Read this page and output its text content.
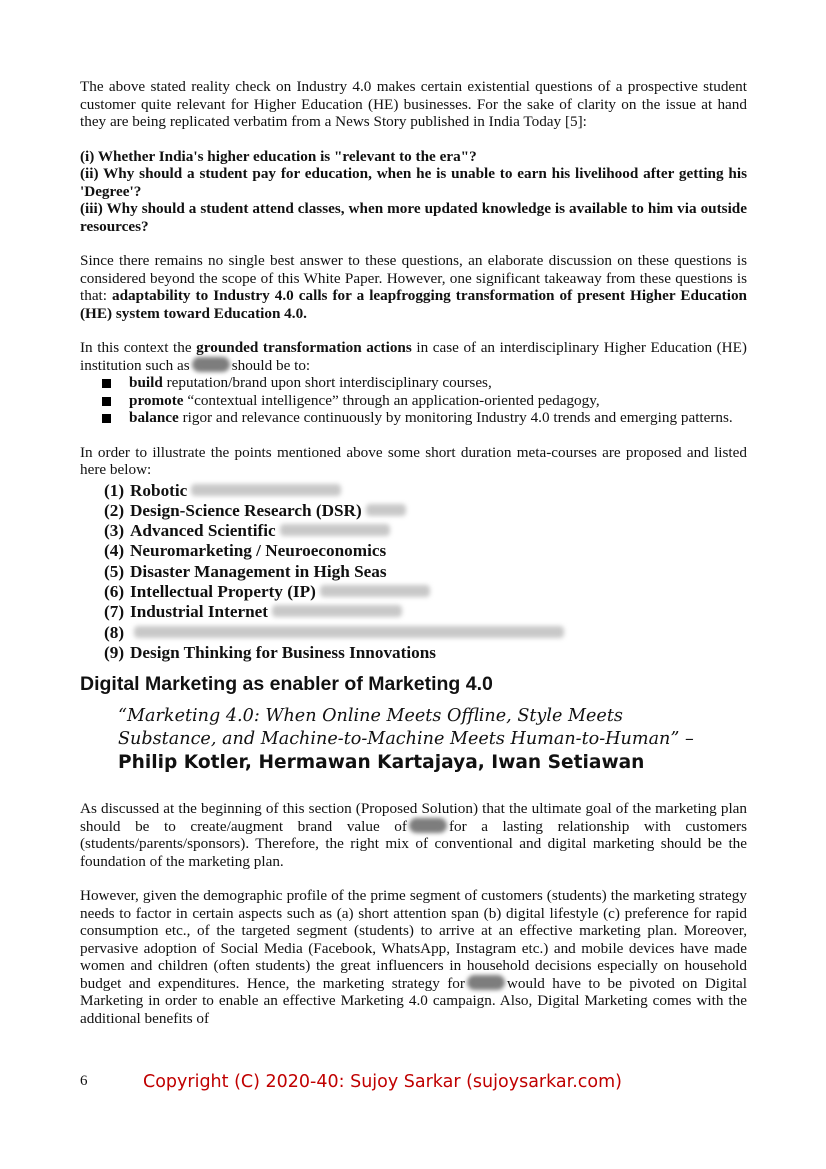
The above stated reality check on Industry 4.0 makes certain existential questions of a prospective student customer quite relevant for Higher Education (HE) businesses. For the sake of clarity on the issue at hand they are being replicated verbatim from a News Story published in India Today [5]:

(i) Whether India's higher education is "relevant to the era"?

(ii) Why should a student pay for education, when he is unable to earn his livelihood after getting his 'Degree'?

(iii) Why should a student attend classes, when more updated knowledge is available to him via outside resources?

Since there remains no single best answer to these questions, an elaborate discussion on these questions is considered beyond the scope of this White Paper. However, one significant takeaway from these questions is that: adaptability to Industry 4.0 calls for a leapfrogging transformation of present Higher Education (HE) system toward Education 4.0.

In this context the grounded transformation actions in case of an interdisciplinary Higher Education (HE) institution such as	should be to:

build reputation/brand upon short interdisciplinary courses,
promote “contextual intelligence” through an application-oriented pedagogy,
balance rigor and relevance continuously by monitoring Industry 4.0 trends and emerging patterns.

In order to illustrate the points mentioned above some short duration meta-courses are proposed and listed here below:

(1) Robotic
(2) Design-Science Research (DSR)
(3) Advanced Scientific
(4) Neuromarketing / Neuroeconomics
(5) Disaster Management in High Seas
(6) Intellectual Property (IP)
(7) Industrial Internet
(8)
(9) Design Thinking for Business Innovations
Digital Marketing as enabler of Marketing 4.0
“Marketing 4.0: When Online Meets Offline, Style Meets
Substance, and Machine-to-Machine Meets Human-to-Human” –
Philip Kotler, Hermawan Kartajaya, Iwan Setiawan

As discussed at the beginning of this section (Proposed Solution) that the ultimate goal of the marketing plan should be to create/augment brand value of	for a lasting relationship with customers (students/parents/sponsors). Therefore, the right mix of conventional and digital marketing should be the foundation of the marketing plan.

However, given the demographic profile of the prime segment of customers (students) the marketing strategy needs to factor in certain aspects such as (a) short attention span (b) digital lifestyle (c) preference for rapid consumption etc., of the targeted segment (students) to arrive at an effective marketing plan. Moreover, pervasive adoption of Social Media (Facebook, WhatsApp, Instagram etc.) and mobile devices have made women and children (often students) the great influencers in household decisions especially on household budget and expenditures. Hence, the marketing strategy for	would have to be pivoted on Digital Marketing in order to enable an effective Marketing 4.0 campaign. Also, Digital Marketing comes with the additional benefits of

6	Copyright (C) 2020-40: Sujoy Sarkar (sujoysarkar.com)
